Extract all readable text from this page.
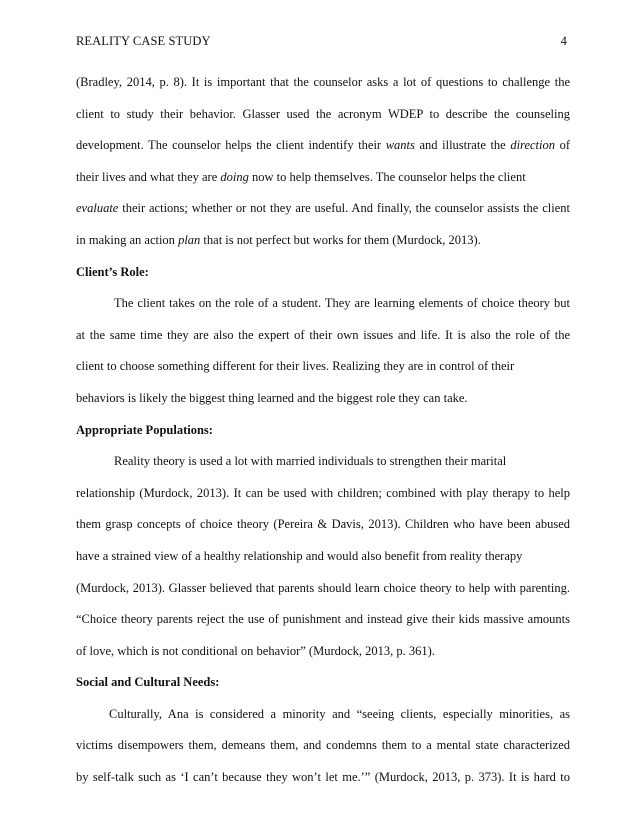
REALITY CASE STUDY	4
(Bradley, 2014, p. 8). It is important that the counselor asks a lot of questions to challenge the
client to study their behavior. Glasser used the acronym WDEP to describe the counseling
development. The counselor helps the client indentify their wants and illustrate the direction of
their lives and what they are doing now to help themselves. The counselor helps the client
evaluate their actions; whether or not they are useful. And finally, the counselor assists the client
in making an action plan that is not perfect but works for them (Murdock, 2013).
Client’s Role:
The client takes on the role of a student. They are learning elements of choice theory but
at the same time they are also the expert of their own issues and life. It is also the role of the
client to choose something different for their lives. Realizing they are in control of their
behaviors is likely the biggest thing learned and the biggest role they can take.
Appropriate Populations:
Reality theory is used a lot with married individuals to strengthen their marital
relationship (Murdock, 2013). It can be used with children; combined with play therapy to help
them grasp concepts of choice theory (Pereira & Davis, 2013). Children who have been abused
have a strained view of a healthy relationship and would also benefit from reality therapy
(Murdock, 2013). Glasser believed that parents should learn choice theory to help with parenting.
“Choice theory parents reject the use of punishment and instead give their kids massive amounts
of love, which is not conditional on behavior” (Murdock, 2013, p. 361).
Social and Cultural Needs:
Culturally, Ana is considered a minority and “seeing clients, especially minorities, as
victims disempowers them, demeans them, and condemns them to a mental state characterized
by self-talk such as ‘I can’t because they won’t let me.’” (Murdock, 2013, p. 373). It is hard to
